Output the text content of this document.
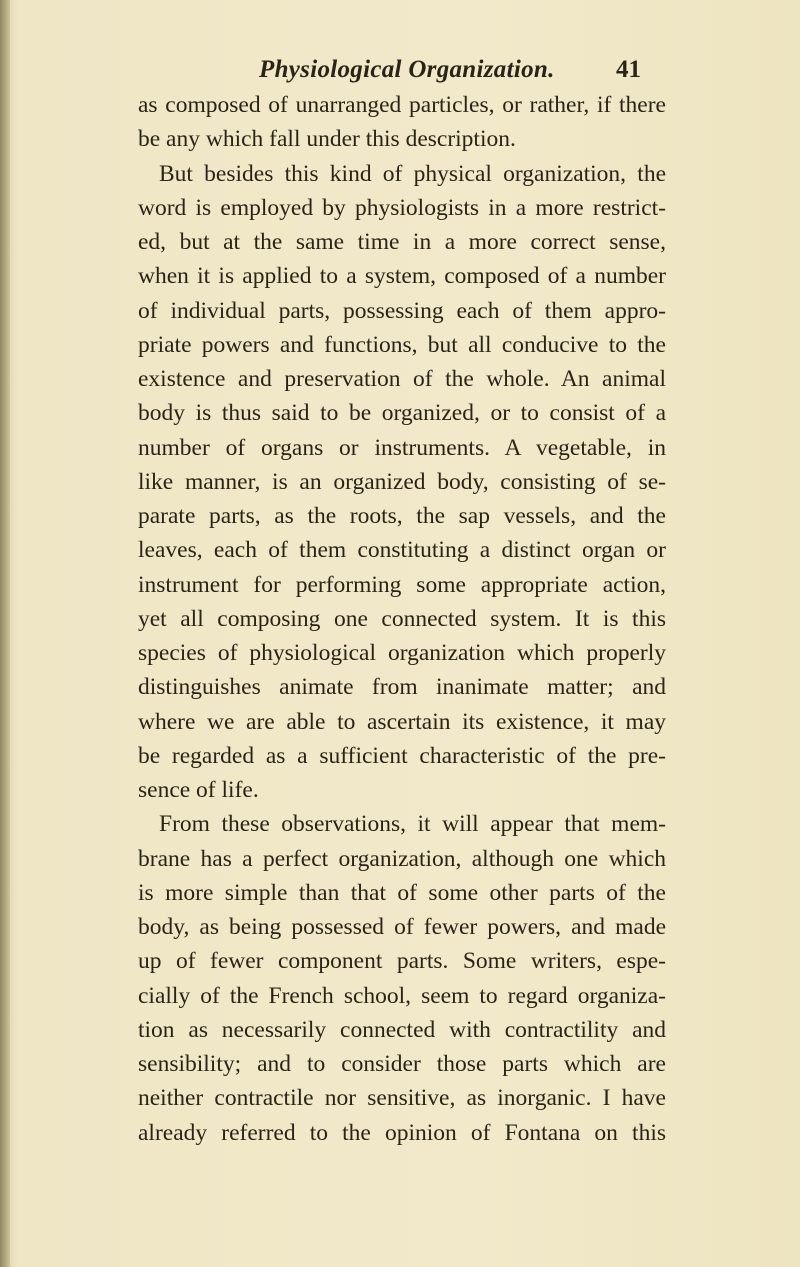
Physiological Organization. 41
as composed of unarranged particles, or rather, if there
be any which fall under this description.
But besides this kind of physical organization, the
word is employed by physiologists in a more restrict-
ed, but at the same time in a more correct sense,
when it is applied to a system, composed of a number
of individual parts, possessing each of them appro-
priate powers and functions, but all conducive to the
existence and preservation of the whole. An animal
body is thus said to be organized, or to consist of a
number of organs or instruments. A vegetable, in
like manner, is an organized body, consisting of se-
parate parts, as the roots, the sap vessels, and the
leaves, each of them constituting a distinct organ or
instrument for performing some appropriate action,
yet all composing one connected system. It is this
species of physiological organization which properly
distinguishes animate from inanimate matter; and
where we are able to ascertain its existence, it may
be regarded as a sufficient characteristic of the pre-
sence of life.
From these observations, it will appear that mem-
brane has a perfect organization, although one which
is more simple than that of some other parts of the
body, as being possessed of fewer powers, and made
up of fewer component parts. Some writers, espe-
cially of the French school, seem to regard organiza-
tion as necessarily connected with contractility and
sensibility; and to consider those parts which are
neither contractile nor sensitive, as inorganic. I have
already referred to the opinion of Fontana on this
